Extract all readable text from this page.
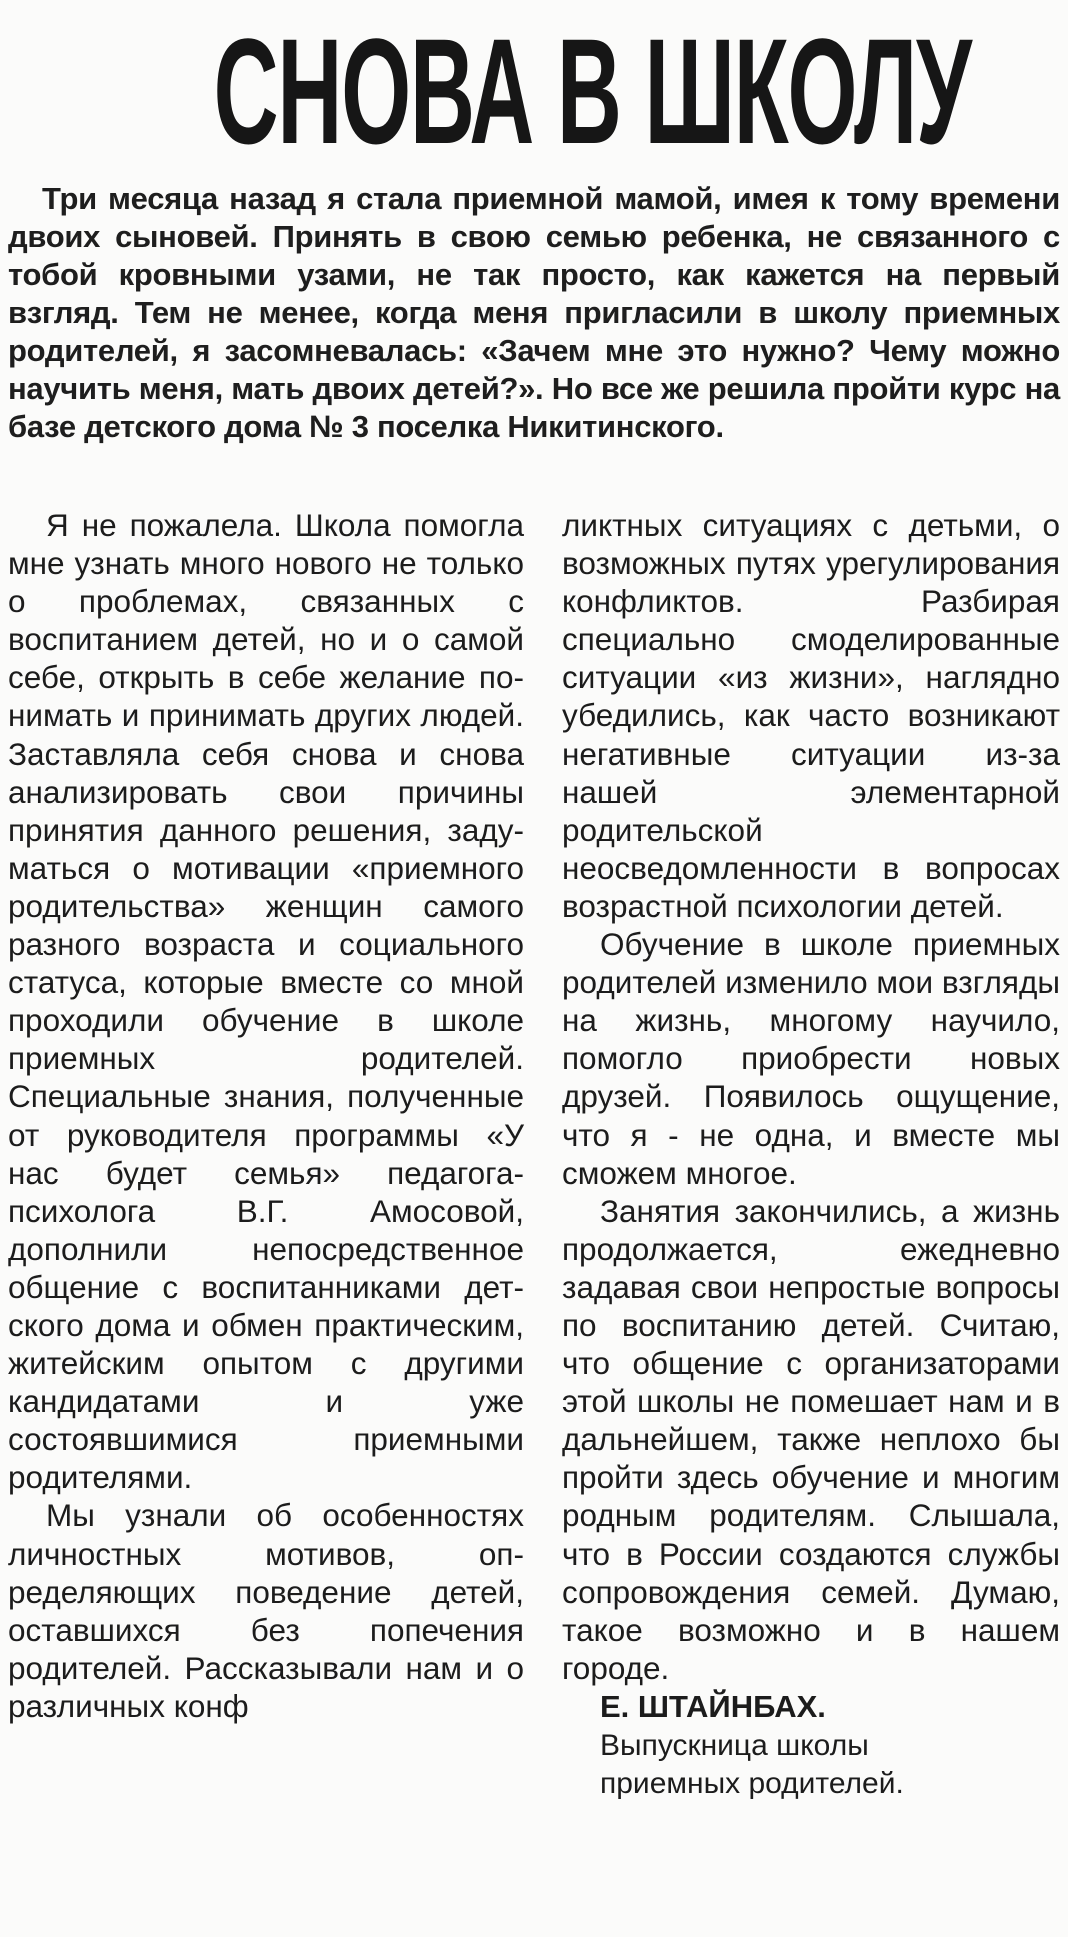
СНОВА В ШКОЛУ

Три месяца назад я стала приемной мамой, имея к тому времени двоих сыновей. Принять в свою семью ребенка, не связанного с тобой кровными узами, не так просто, как кажется на первый взгляд. Тем не менее, когда меня пригласили в школу приемных родителей, я засомневалась: «Зачем мне это нужно? Чему можно научить меня, мать двоих детей?». Но все же решила пройти курс на базе детского дома № 3 поселка Никитинского.

Я не пожалела. Школа помогла мне узнать много нового не только о проблемах, связанных с воспитанием детей, но и о самой себе, открыть в себе желание понимать и принимать других людей. Заставляла себя снова и снова анализировать свои причины принятия данного решения, задуматься о мотивации «приемного родительства» женщин самого разного возраста и социального статуса, которые вместе со мной проходили обучение в школе приемных родителей. Специальные знания, полученные от руководителя программы «У нас будет семья» педагога-психолога В.Г. Амосовой, дополнили непосредственное общение с воспитанниками детского дома и обмен практическим, житейским опытом с другими кандидатами и уже состоявшимися приемными родителями.

Мы узнали об особенностях личностных мотивов, определяющих поведение детей, оставшихся без попечения родителей. Рассказывали нам и о различных конф

ликтных ситуациях с детьми, о возможных путях урегулирования конфликтов. Разбирая специально смоделированные ситуации «из жизни», наглядно убедились, как часто возникают негативные ситуации из-за нашей элементарной родительской неосведомленности в вопросах возрастной психологии детей.

Обучение в школе приемных родителей изменило мои взгляды на жизнь, многому научило, помогло приобрести новых друзей. Появилось ощущение, что я - не одна, и вместе мы сможем многое.

Занятия закончились, а жизнь продолжается, ежедневно задавая свои непростые вопросы по воспитанию детей. Считаю, что общение с организаторами этой школы не помешает нам и в дальнейшем, также неплохо бы пройти здесь обучение и многим родным родителям. Слышала, что в России создаются службы сопровождения семей. Думаю, такое возможно и в нашем городе.

Е. ШТАЙНБАХ.

Выпускница школы

приемных родителей.
